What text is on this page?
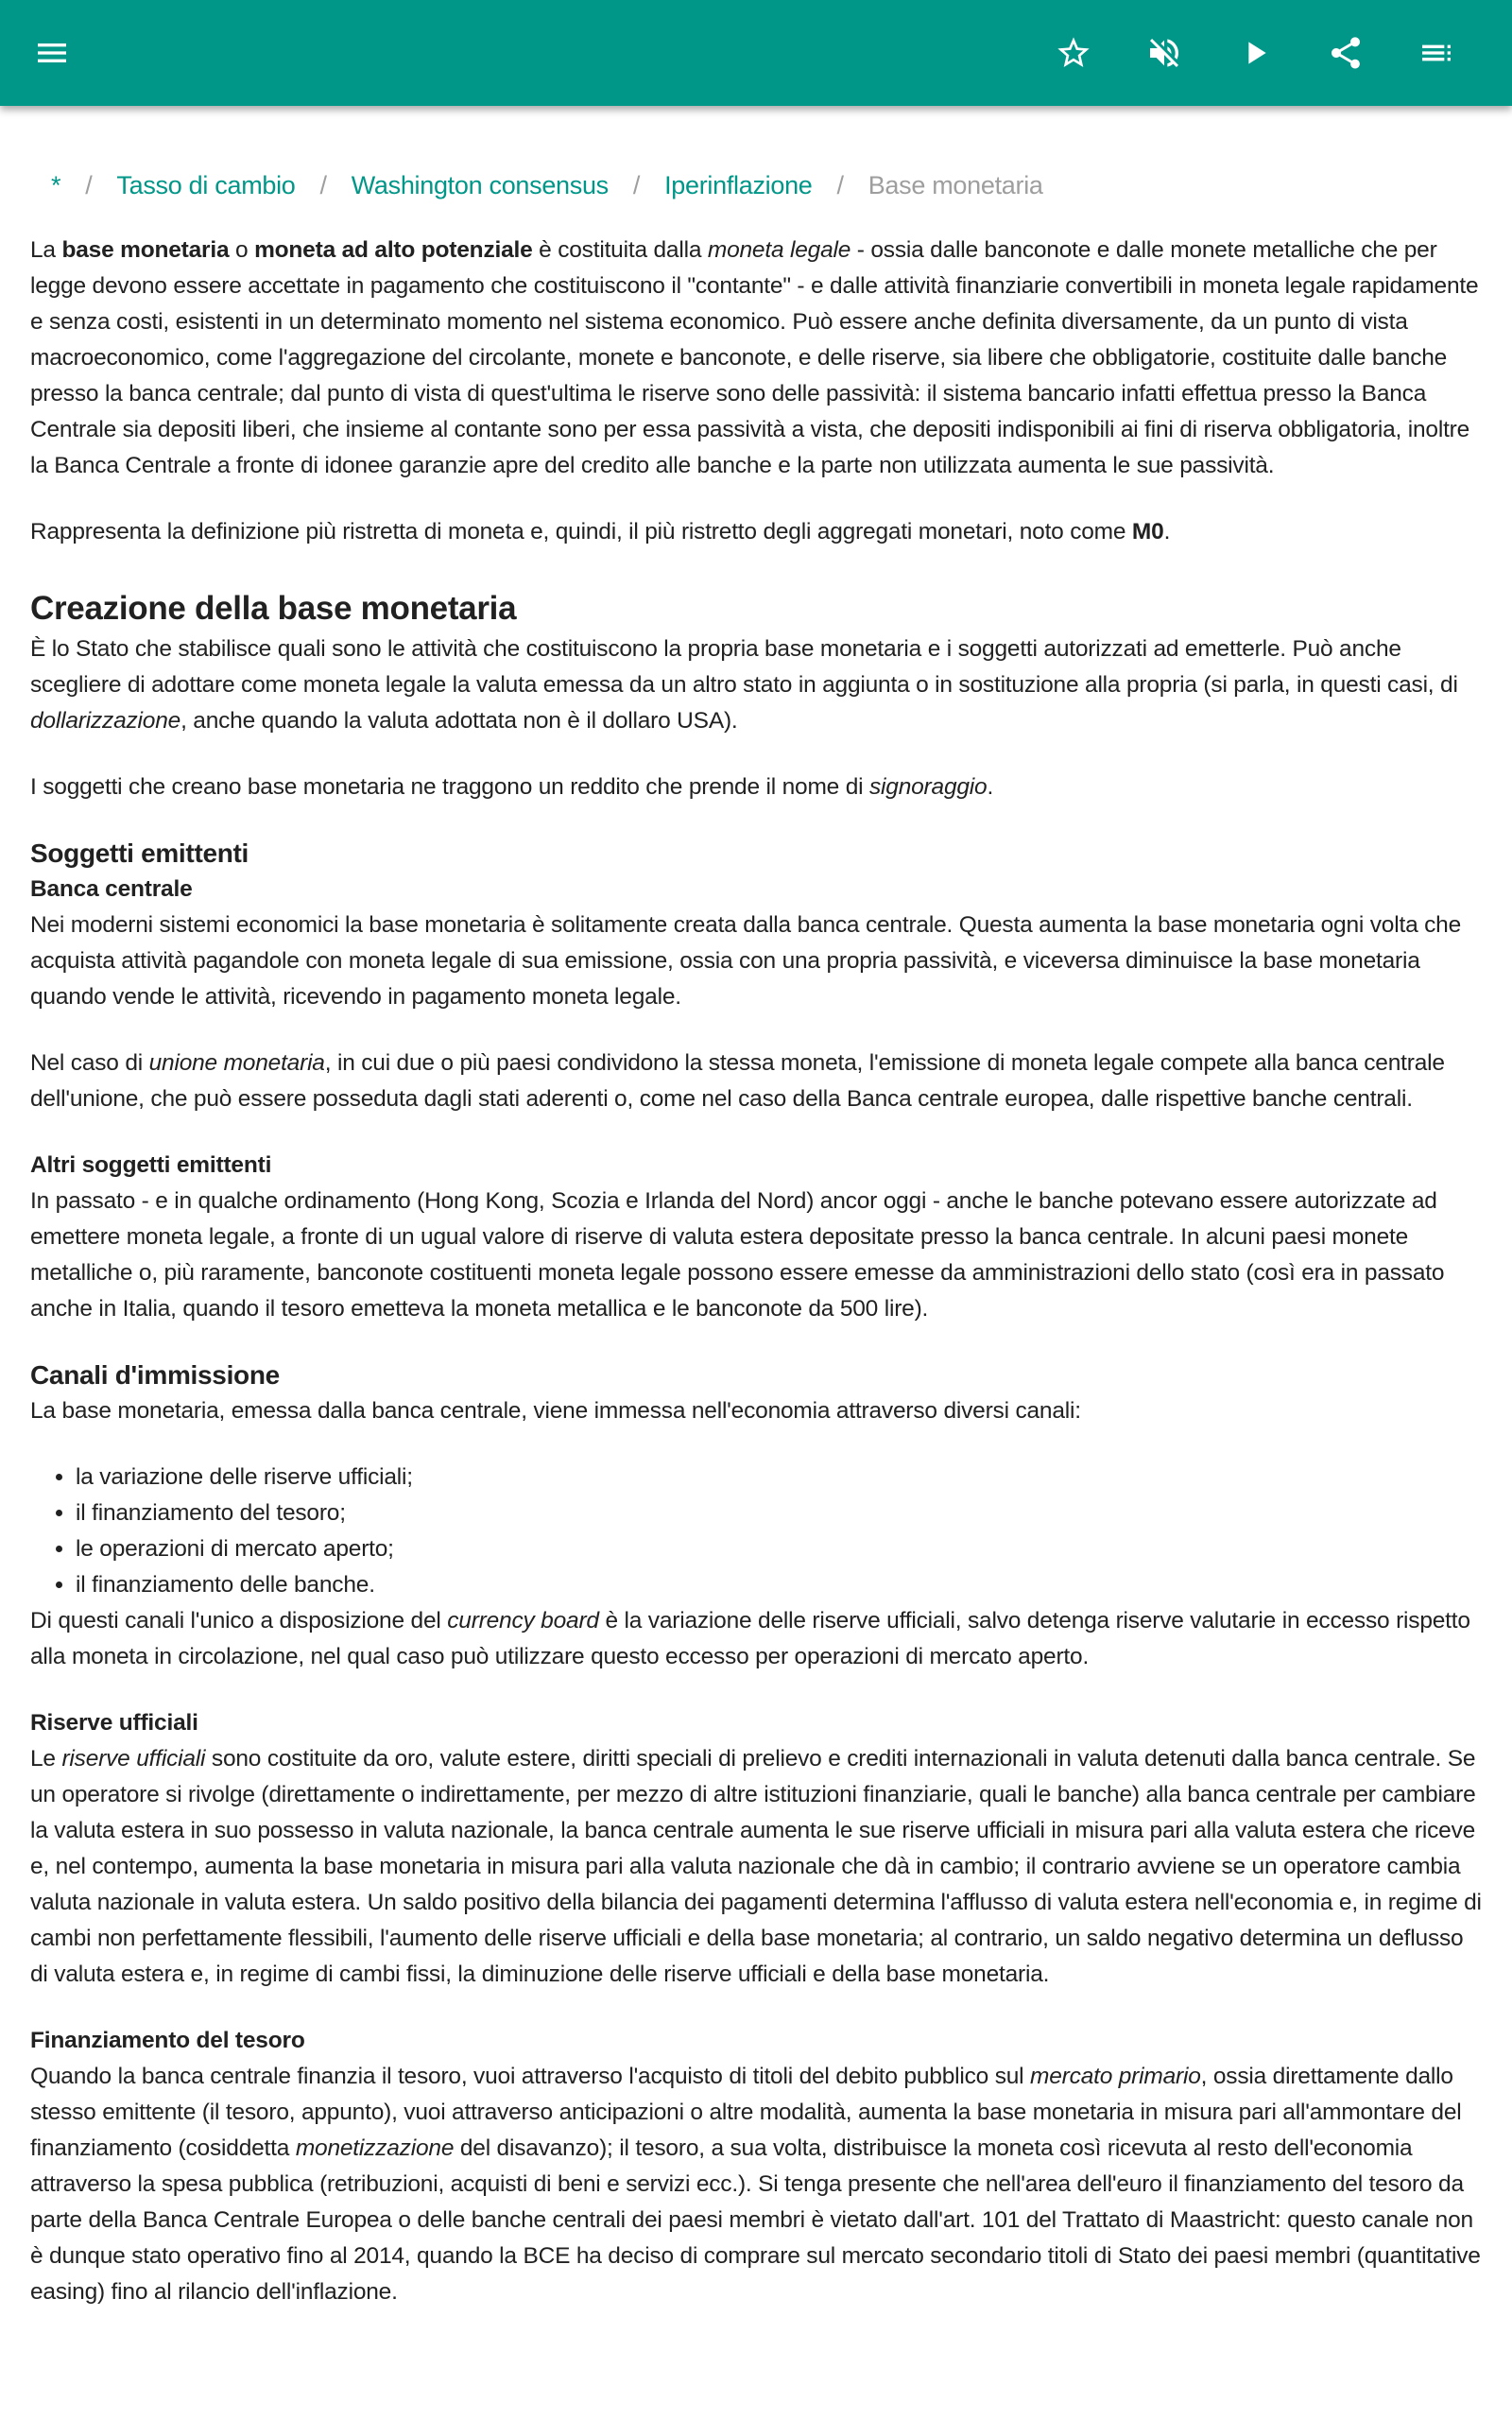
* / Tasso di cambio / Washington consensus / Iperinflazione / Base monetaria

La base monetaria o moneta ad alto potenziale è costituita dalla moneta legale - ossia dalle banconote e dalle monete metalliche che per legge devono essere accettate in pagamento che costituiscono il "contante" - e dalle attività finanziarie convertibili in moneta legale rapidamente e senza costi, esistenti in un determinato momento nel sistema economico. Può essere anche definita diversamente, da un punto di vista macroeconomico, come l'aggregazione del circolante, monete e banconote, e delle riserve, sia libere che obbligatorie, costituite dalle banche presso la banca centrale; dal punto di vista di quest'ultima le riserve sono delle passività: il sistema bancario infatti effettua presso la Banca Centrale sia depositi liberi, che insieme al contante sono per essa passività a vista, che depositi indisponibili ai fini di riserva obbligatoria, inoltre la Banca Centrale a fronte di idonee garanzie apre del credito alle banche e la parte non utilizzata aumenta le sue passività.

Rappresenta la definizione più ristretta di moneta e, quindi, il più ristretto degli aggregati monetari, noto come M0.

Creazione della base monetaria

È lo Stato che stabilisce quali sono le attività che costituiscono la propria base monetaria e i soggetti autorizzati ad emetterle. Può anche scegliere di adottare come moneta legale la valuta emessa da un altro stato in aggiunta o in sostituzione alla propria (si parla, in questi casi, di dollarizzazione, anche quando la valuta adottata non è il dollaro USA).

I soggetti che creano base monetaria ne traggono un reddito che prende il nome di signoraggio.

Soggetti emittenti
Banca centrale

Nei moderni sistemi economici la base monetaria è solitamente creata dalla banca centrale. Questa aumenta la base monetaria ogni volta che acquista attività pagandole con moneta legale di sua emissione, ossia con una propria passività, e viceversa diminuisce la base monetaria quando vende le attività, ricevendo in pagamento moneta legale.

Nel caso di unione monetaria, in cui due o più paesi condividono la stessa moneta, l'emissione di moneta legale compete alla banca centrale dell'unione, che può essere posseduta dagli stati aderenti o, come nel caso della Banca centrale europea, dalle rispettive banche centrali.

Altri soggetti emittenti

In passato - e in qualche ordinamento (Hong Kong, Scozia e Irlanda del Nord) ancor oggi - anche le banche potevano essere autorizzate ad emettere moneta legale, a fronte di un ugual valore di riserve di valuta estera depositate presso la banca centrale. In alcuni paesi monete metalliche o, più raramente, banconote costituenti moneta legale possono essere emesse da amministrazioni dello stato (così era in passato anche in Italia, quando il tesoro emetteva la moneta metallica e le banconote da 500 lire).

Canali d'immissione

La base monetaria, emessa dalla banca centrale, viene immessa nell'economia attraverso diversi canali:

• la variazione delle riserve ufficiali;
• il finanziamento del tesoro;
• le operazioni di mercato aperto;
• il finanziamento delle banche.

Di questi canali l'unico a disposizione del currency board è la variazione delle riserve ufficiali, salvo detenga riserve valutarie in eccesso rispetto alla moneta in circolazione, nel qual caso può utilizzare questo eccesso per operazioni di mercato aperto.

Riserve ufficiali

Le riserve ufficiali sono costituite da oro, valute estere, diritti speciali di prelievo e crediti internazionali in valuta detenuti dalla banca centrale. Se un operatore si rivolge (direttamente o indirettamente, per mezzo di altre istituzioni finanziarie, quali le banche) alla banca centrale per cambiare la valuta estera in suo possesso in valuta nazionale, la banca centrale aumenta le sue riserve ufficiali in misura pari alla valuta estera che riceve e, nel contempo, aumenta la base monetaria in misura pari alla valuta nazionale che dà in cambio; il contrario avviene se un operatore cambia valuta nazionale in valuta estera. Un saldo positivo della bilancia dei pagamenti determina l'afflusso di valuta estera nell'economia e, in regime di cambi non perfettamente flessibili, l'aumento delle riserve ufficiali e della base monetaria; al contrario, un saldo negativo determina un deflusso di valuta estera e, in regime di cambi fissi, la diminuzione delle riserve ufficiali e della base monetaria.

Finanziamento del tesoro

Quando la banca centrale finanzia il tesoro, vuoi attraverso l'acquisto di titoli del debito pubblico sul mercato primario, ossia direttamente dallo stesso emittente (il tesoro, appunto), vuoi attraverso anticipazioni o altre modalità, aumenta la base monetaria in misura pari all'ammontare del finanziamento (cosiddetta monetizzazione del disavanzo); il tesoro, a sua volta, distribuisce la moneta così ricevuta al resto dell'economia attraverso la spesa pubblica (retribuzioni, acquisti di beni e servizi ecc.). Si tenga presente che nell'area dell'euro il finanziamento del tesoro da parte della Banca Centrale Europea o delle banche centrali dei paesi membri è vietato dall'art. 101 del Trattato di Maastricht: questo canale non è dunque stato operativo fino al 2014, quando la BCE ha deciso di comprare sul mercato secondario titoli di Stato dei paesi membri (quantitative easing) fino al rilancio dell'inflazione.
